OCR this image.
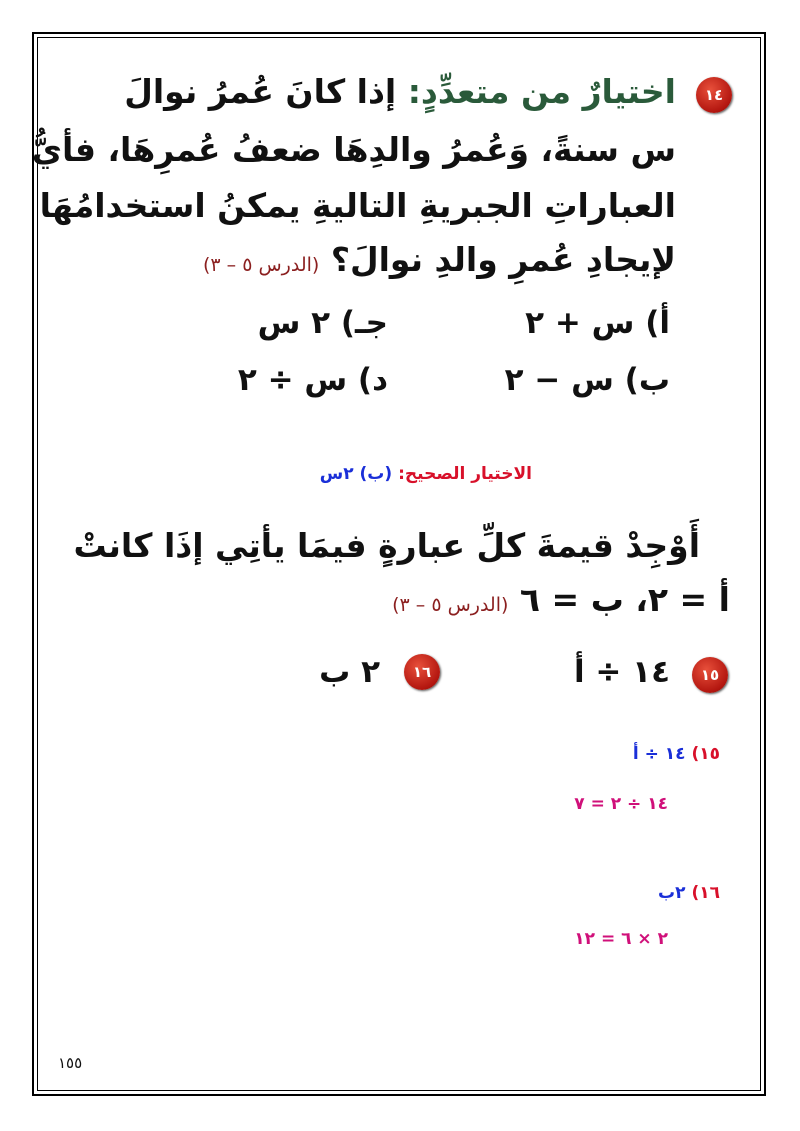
١٤
اختيارٌ من متعدِّدٍ: إذا كانَ عُمرُ نوالَ
س سنةً، وَعُمرُ والدِهَا ضعفُ عُمرِهَا، فأيُّ
العباراتِ الجبريةِ التاليةِ يمكنُ استخدامُهَا
لإيجادِ عُمرِ والدِ نوالَ؟ (الدرس ٥ – ٣)
أ) س + ٢
جـ) ٢ س
ب) س − ٢
د) س ÷ ٢
الاختيار الصحيح: (ب) ٢س
أَوْجِدْ قيمةَ كلِّ عبارةٍ فيمَا يأتِي إذَا كانتْ
أ = ٢، ب = ٦ (الدرس ٥ – ٣)
١٥
١٤ ÷ أ
١٦
٢ ب
١٥) ١٤ ÷ أ
١٤ ÷ ٢ = ٧
١٦) ٢ب
٢ × ٦ = ١٢
١٥٥
